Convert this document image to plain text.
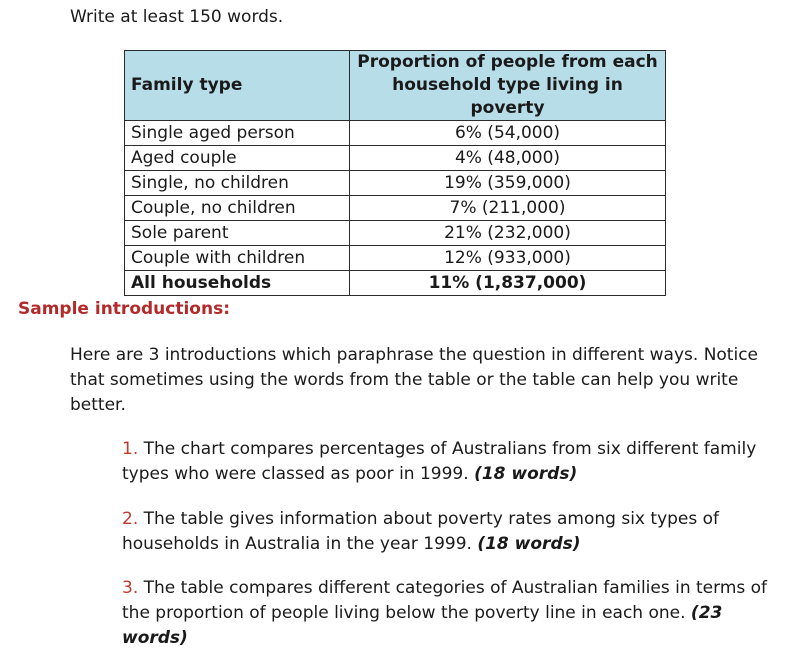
Write at least 150 words.
Family type	Proportion of people from each household type living in poverty
Single aged person	6% (54,000)
Aged couple	4% (48,000)
Single, no children	19% (359,000)
Couple, no children	7% (211,000)
Sole parent	21% (232,000)
Couple with children	12% (933,000)
All households	11% (1,837,000)
Sample introductions:
Here are 3 introductions which paraphrase the question in different ways. Notice that sometimes using the words from the table or the table can help you write better.
1. The chart compares percentages of Australians from six different family types who were classed as poor in 1999. (18 words)
2. The table gives information about poverty rates among six types of households in Australia in the year 1999. (18 words)
3. The table compares different categories of Australian families in terms of the proportion of people living below the poverty line in each one. (23 words)
